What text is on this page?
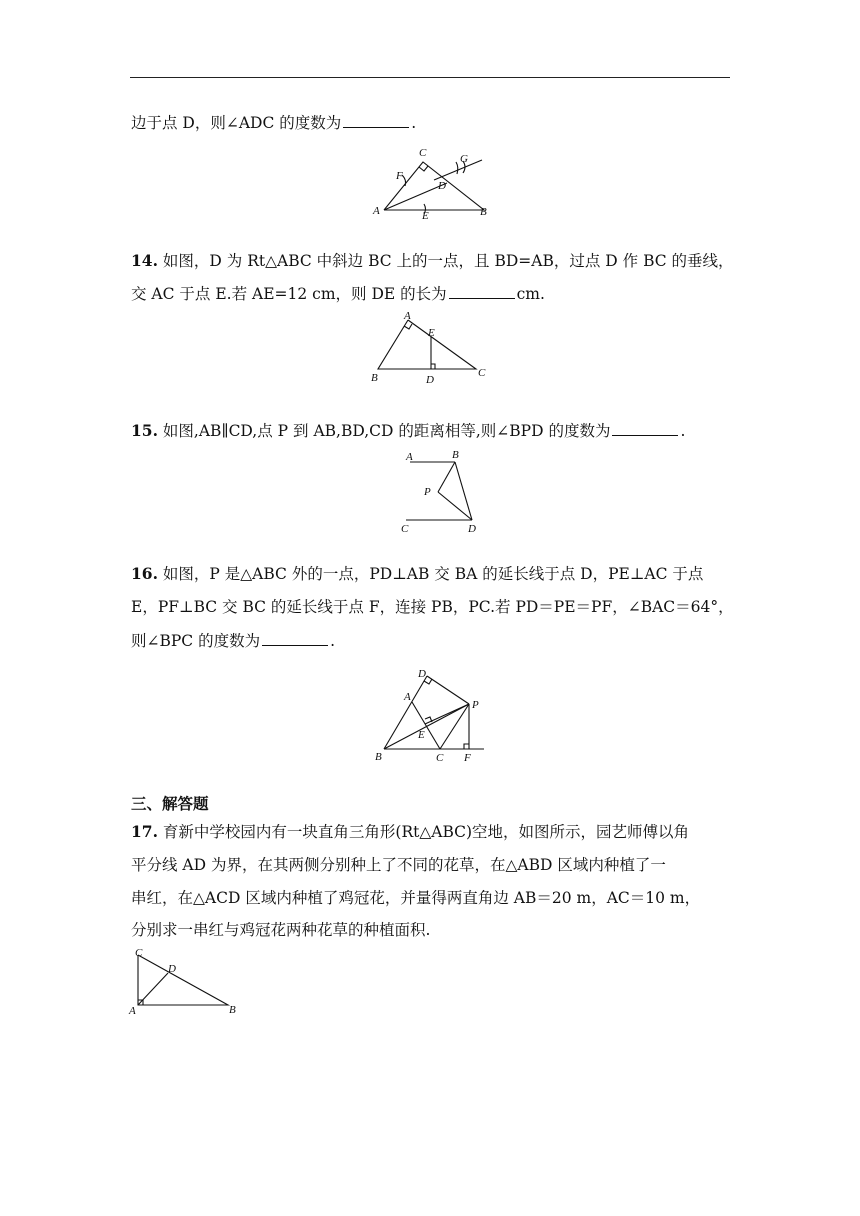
边于点 D，则∠ADC 的度数为	.
C
F
G
D
A	E	B
14. 如图，D 为 Rt△ABC 中斜边 BC 上的一点，且 BD=AB，过点 D 作 BC 的垂线，
交 AC 于点 E.若 AE=12 cm，则 DE 的长为	cm.
A
E
B	D
C
15. 如图,AB∥CD,点 P 到 AB,BD,CD 的距离相等,则∠BPD 的度数为	.
A	B
P
C	D
16. 如图，P 是△ABC 外的一点，PD⊥AB 交 BA 的延长线于点 D，PE⊥AC 于点
E，PF⊥BC 交 BC 的延长线于点 F，连接 PB，PC.若 PD＝PE＝PF，∠BAC＝64°，
则∠BPC 的度数为	.
D
A
P
E
B	C F
三、解答题
17. 育新中学校园内有一块直角三角形(Rt△ABC)空地，如图所示，园艺师傅以角
平分线 AD 为界，在其两侧分别种上了不同的花草，在△ABD 区域内种植了一
串红，在△ACD 区域内种植了鸡冠花，并量得两直角边 AB＝20 m，AC＝10 m，
分别求一串红与鸡冠花两种花草的种植面积.
C
D
A	B
